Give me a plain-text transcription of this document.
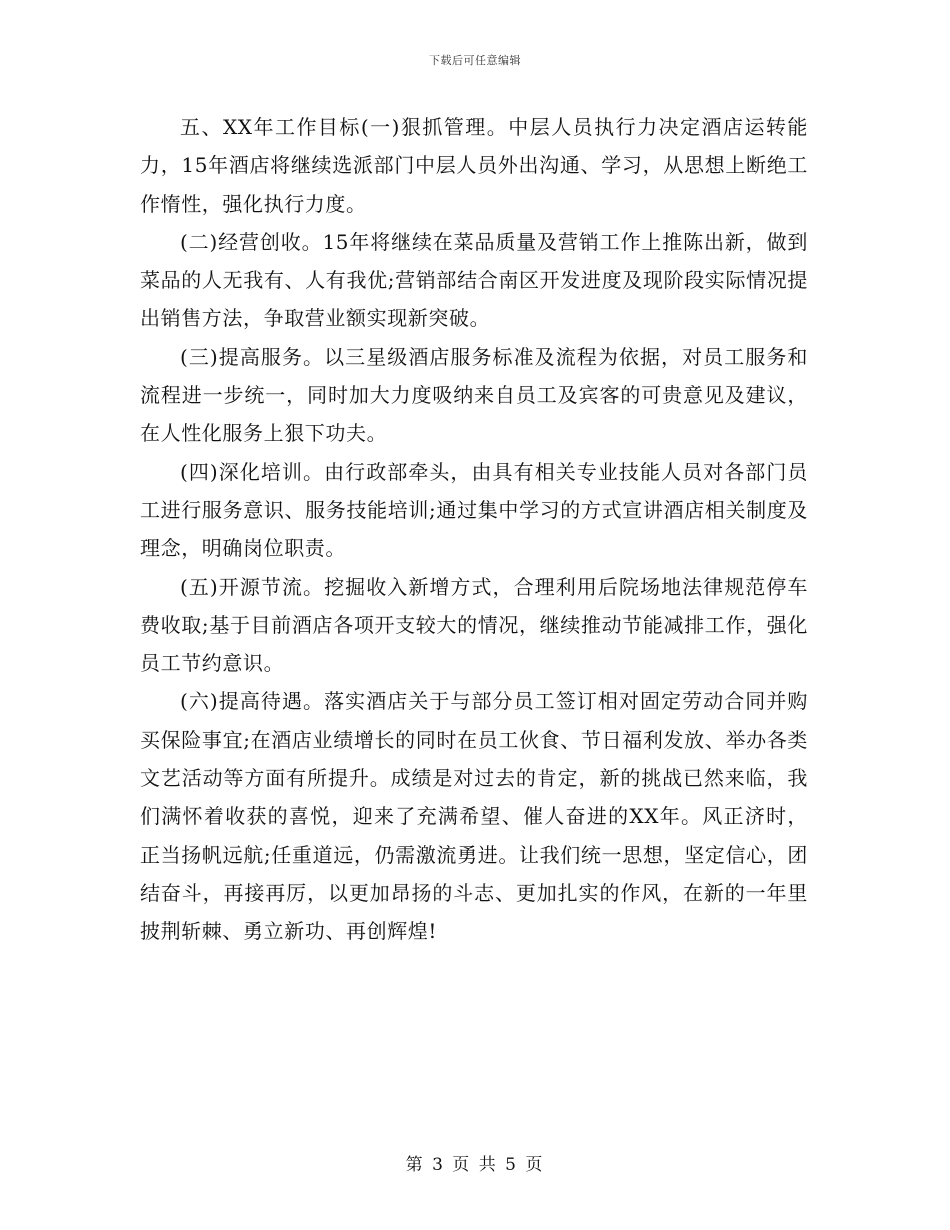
下载后可任意编辑

五、XX年工作目标(一)狠抓管理。中层人员执行力决定酒店运转能力，15年酒店将继续选派部门中层人员外出沟通、学习，从思想上断绝工作惰性，强化执行力度。

(二)经营创收。15年将继续在菜品质量及营销工作上推陈出新，做到菜品的人无我有、人有我优;营销部结合南区开发进度及现阶段实际情况提出销售方法，争取营业额实现新突破。

(三)提高服务。以三星级酒店服务标准及流程为依据，对员工服务和流程进一步统一，同时加大力度吸纳来自员工及宾客的可贵意见及建议，在人性化服务上狠下功夫。

(四)深化培训。由行政部牵头，由具有相关专业技能人员对各部门员工进行服务意识、服务技能培训;通过集中学习的方式宣讲酒店相关制度及理念，明确岗位职责。

(五)开源节流。挖掘收入新增方式，合理利用后院场地法律规范停车费收取;基于目前酒店各项开支较大的情况，继续推动节能减排工作，强化员工节约意识。

(六)提高待遇。落实酒店关于与部分员工签订相对固定劳动合同并购买保险事宜;在酒店业绩增长的同时在员工伙食、节日福利发放、举办各类文艺活动等方面有所提升。成绩是对过去的肯定，新的挑战已然来临，我们满怀着收获的喜悦，迎来了充满希望、催人奋进的XX年。风正济时，正当扬帆远航;任重道远，仍需激流勇进。让我们统一思想，坚定信心，团结奋斗，再接再厉，以更加昂扬的斗志、更加扎实的作风，在新的一年里披荆斩棘、勇立新功、再创辉煌!

第 3 页 共 5 页
